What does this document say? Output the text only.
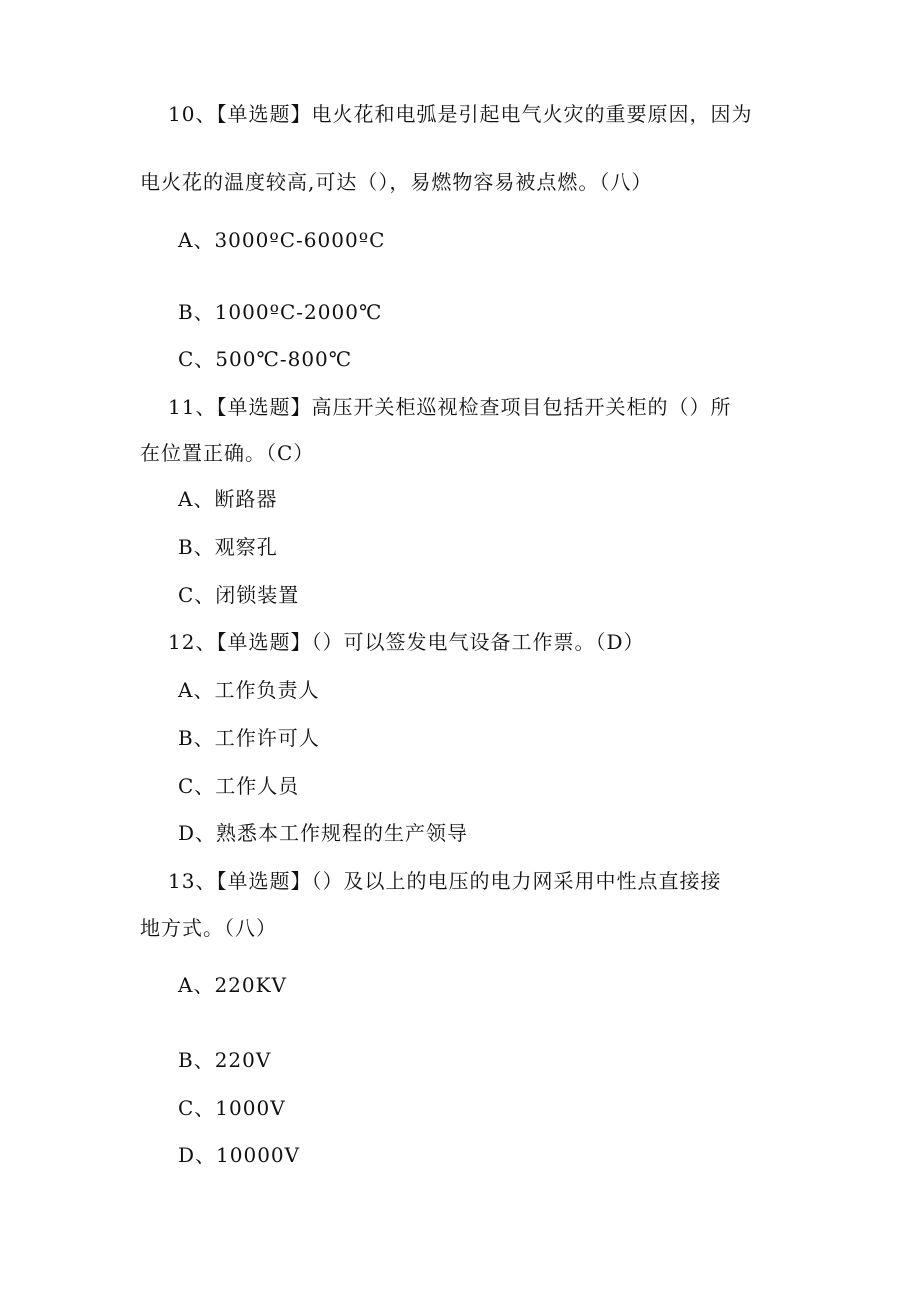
10、【单选题】电火花和电弧是引起电气火灾的重要原因，因为
电火花的温度较高,可达（），易燃物容易被点燃。（八）
A、3000ºC-6000ºC
B、1000ºC-2000℃
C、500℃-800℃
11、【单选题】高压开关柜巡视检查项目包括开关柜的（）所
在位置正确。（C）
A、断路器
B、观察孔
C、闭锁装置
12、【单选题】（）可以签发电气设备工作票。（D）
A、工作负责人
B、工作许可人
C、工作人员
D、熟悉本工作规程的生产领导
13、【单选题】（）及以上的电压的电力网采用中性点直接接
地方式。（八）
A、220KV
B、220V
C、1000V
D、10000V
